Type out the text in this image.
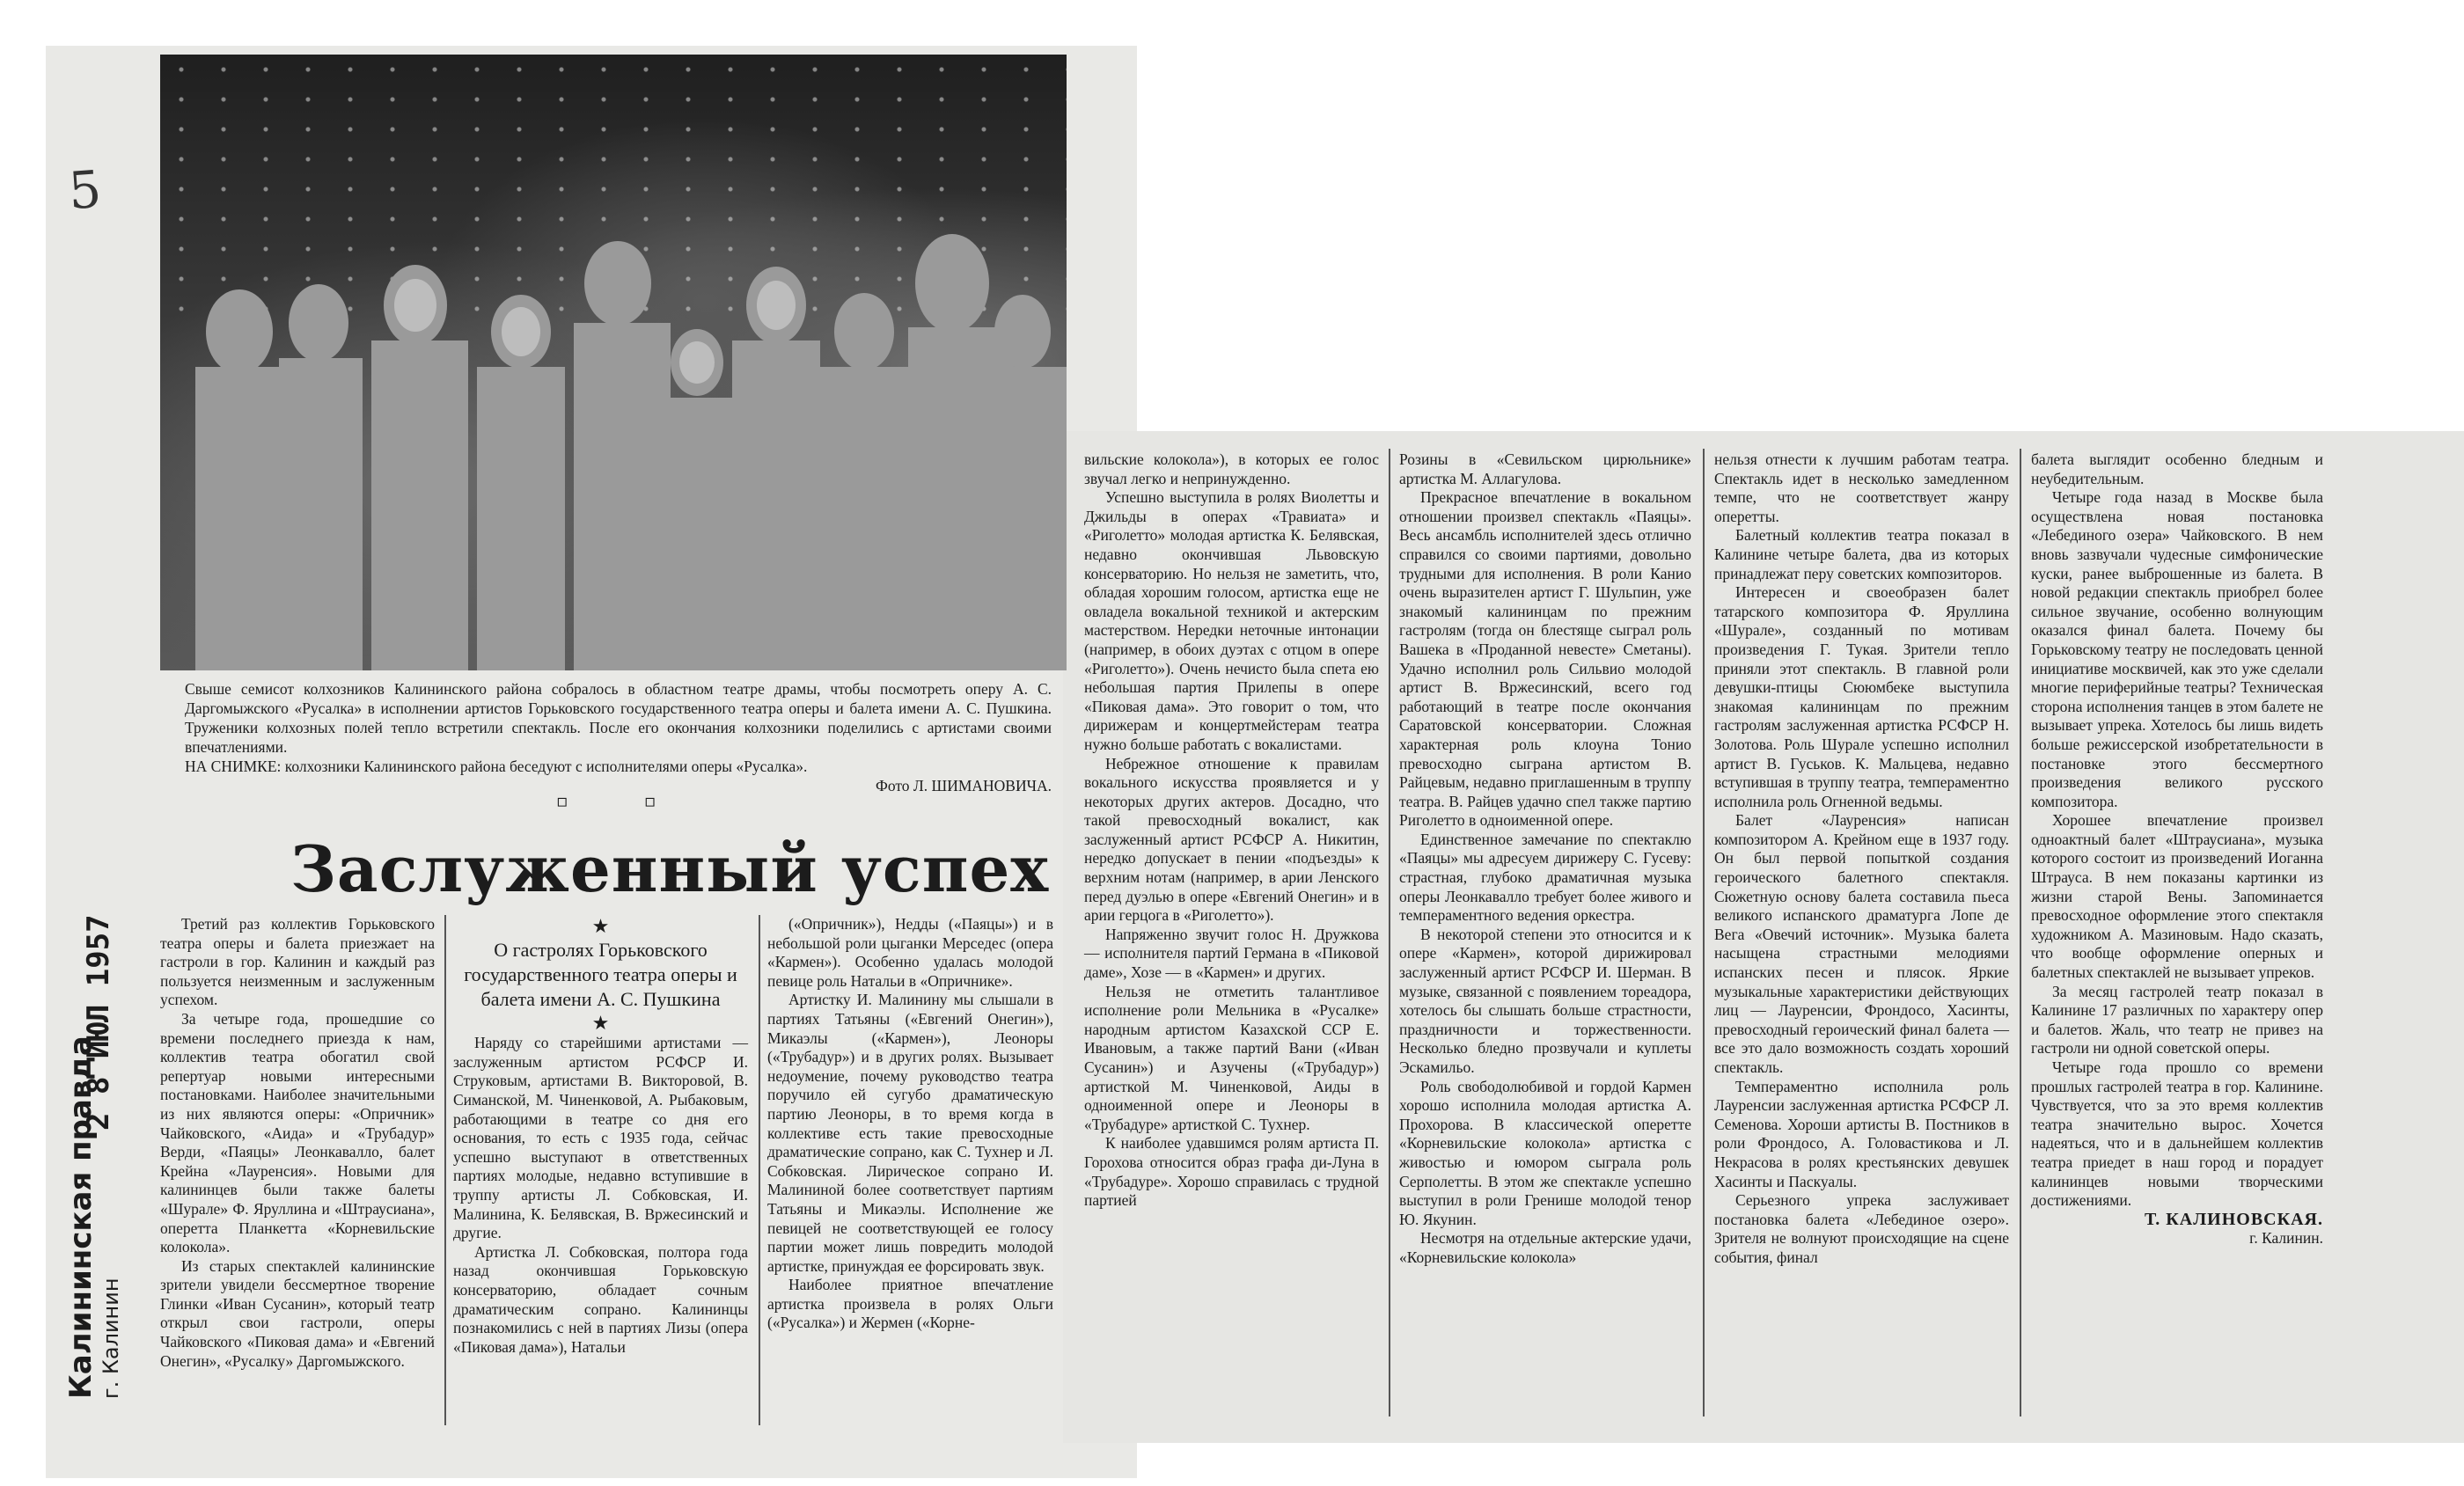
5
Свыше семисот колхозников Калининского района собралось в областном театре драмы, чтобы посмотреть оперу А. С. Даргомыжского «Русалка» в исполнении артистов Горьковского государственного театра оперы и балета имени А. С. Пушкина. Труженики колхозных полей тепло встретили спектакль. После его окончания колхозники поделились с артистами своими впечатлениями.
НА СНИМКЕ: колхозники Калининского района беседуют с исполнителями оперы «Русалка».
Фото Л. ШИМАНОВИЧА.
▫ ▫
Заслуженный успех
2 8 ИЮЛ 1957
Калининская правда г. Калинин

Третий раз коллектив Горьковского театра оперы и балета приезжает на гастроли в гор. Калинин и каждый раз пользуется неизменным и заслуженным успехом.

За четыре года, прошедшие со времени последнего приезда к нам, коллектив театра обогатил свой репертуар новыми интересными постановками. Наиболее значительными из них являются оперы: «Опричник» Чайковского, «Аида» и «Трубадур» Верди, «Паяцы» Леонкавалло, балет Крейна «Лауренсия». Новыми для калининцев были также балеты «Шурале» Ф. Яруллина и «Штраусиана», оперетта Планкетта «Корневильские колокола».

Из старых спектаклей калининские зрители увидели бессмертное творение Глинки «Иван Сусанин», который театр открыл свои гастроли, оперы Чайковского «Пиковая дама» и «Евгений Онегин», «Русалку» Даргомыжского.

★
О гастролях Горьковского государственного театра оперы и балета имени А. С. Пушкина
★

Наряду со старейшими артистами — заслуженным артистом РСФСР И. Струковым, артистами В. Викторовой, В. Симанской, М. Чиненковой, А. Рыбаковым, работающими в театре со дня его основания, то есть с 1935 года, сейчас успешно выступают в ответственных партиях молодые, недавно вступившие в труппу артисты Л. Собковская, И. Малинина, К. Белявская, В. Вржесинский и другие.

Артистка Л. Собковская, полтора года назад окончившая Горьковскую консерваторию, обладает сочным драматическим сопрано. Калининцы познакомились с ней в партиях Лизы (опера «Пиковая дама»), Натальи

(«Опричник»), Недды («Паяцы») и в небольшой роли цыганки Мерседес (опера «Кармен»). Особенно удалась молодой певице роль Натальи в «Опричнике».

Артистку И. Малинину мы слышали в партиях Татьяны («Евгений Онегин»), Микаэлы («Кармен»), Леоноры («Трубадур») и в других ролях. Вызывает недоумение, почему руководство театра поручило ей сугубо драматическую партию Леоноры, в то время когда в коллективе есть такие превосходные драматические сопрано, как С. Тухнер и Л. Собковская. Лирическое сопрано И. Малининой более соответствует партиям Татьяны и Микаэлы. Исполнение же певицей не соответствующей ее голосу партии может лишь повредить молодой артистке, принуждая ее форсировать звук.

Наиболее приятное впечатление артистка произвела в ролях Ольги («Русалка») и Жермен («Корне-

вильские колокола»), в которых ее голос звучал легко и непринужденно.

Успешно выступила в ролях Виолетты и Джильды в операх «Травиата» и «Риголетто» молодая артистка К. Белявская, недавно окончившая Львовскую консерваторию. Но нельзя не заметить, что, обладая хорошим голосом, артистка еще не овладела вокальной техникой и актерским мастерством. Нередки неточные интонации (например, в обоих дуэтах с отцом в опере «Риголетто»). Очень нечисто была спета ею небольшая партия Прилепы в опере «Пиковая дама». Это говорит о том, что дирижерам и концертмейстерам театра нужно больше работать с вокалистами.

Небрежное отношение к правилам вокального искусства проявляется и у некоторых других актеров. Досадно, что такой превосходный вокалист, как заслуженный артист РСФСР А. Никитин, нередко допускает в пении «подъезды» к верхним нотам (например, в арии Ленского перед дуэлью в опере «Евгений Онегин» и в арии герцога в «Риголетто»).

Напряженно звучит голос Н. Дружкова — исполнителя партий Германа в «Пиковой даме», Хозе — в «Кармен» и других.

Нельзя не отметить талантливое исполнение роли Мельника в «Русалке» народным артистом Казахской ССР Е. Ивановым, а также партий Вани («Иван Сусанин») и Азучены («Трубадур») артисткой М. Чиненковой, Аиды в одноименной опере и Леоноры в «Трубадуре» артисткой С. Тухнер.

К наиболее удавшимся ролям артиста П. Горохова относится образ графа ди-Луна в «Трубадуре». Хорошо справилась с трудной партией

Розины в «Севильском цирюльнике» артистка М. Аллагулова.

Прекрасное впечатление в вокальном отношении произвел спектакль «Паяцы». Весь ансамбль исполнителей здесь отлично справился со своими партиями, довольно трудными для исполнения. В роли Канио очень выразителен артист Г. Шульпин, уже знакомый калининцам по прежним гастролям (тогда он блестяще сыграл роль Вашека в «Проданной невесте» Сметаны). Удачно исполнил роль Сильвио молодой артист В. Вржесинский, всего год работающий в театре после окончания Саратовской консерватории. Сложная характерная роль клоуна Тонио превосходно сыграна артистом В. Райцевым, недавно приглашенным в труппу театра. В. Райцев удачно спел также партию Риголетто в одноименной опере.

Единственное замечание по спектаклю «Паяцы» мы адресуем дирижеру С. Гусеву: страстная, глубоко драматичная музыка оперы Леонкавалло требует более живого и темпераментного ведения оркестра.

В некоторой степени это относится и к опере «Кармен», которой дирижировал заслуженный артист РСФСР И. Шерман. В музыке, связанной с появлением тореадора, хотелось бы слышать больше страстности, праздничности и торжественности. Несколько бледно прозвучали и куплеты Эскамильо.

Роль свободолюбивой и гордой Кармен хорошо исполнила молодая артистка А. Прохорова. В классической оперетте «Корневильские колокола» артистка с живостью и юмором сыграла роль Серполетты. В этом же спектакле успешно выступил в роли Гренише молодой тенор Ю. Якунин.

Несмотря на отдельные актерские удачи, «Корневильские колокола»

нельзя отнести к лучшим работам театра. Спектакль идет в несколько замедленном темпе, что не соответствует жанру оперетты.

Балетный коллектив театра показал в Калинине четыре балета, два из которых принадлежат перу советских композиторов.

Интересен и своеобразен балет татарского композитора Ф. Яруллина «Шурале», созданный по мотивам произведения Г. Тукая. Зрители тепло приняли этот спектакль. В главной роли девушки-птицы Сююмбеке выступила знакомая калининцам по прежним гастролям заслуженная артистка РСФСР Н. Золотова. Роль Шурале успешно исполнил артист В. Гуськов. К. Мальцева, недавно вступившая в труппу театра, темпераментно исполнила роль Огненной ведьмы.

Балет «Лауренсия» написан композитором А. Крейном еще в 1937 году. Он был первой попыткой создания героического балетного спектакля. Сюжетную основу балета составила пьеса великого испанского драматурга Лопе де Вега «Овечий источник». Музыка балета насыщена страстными мелодиями испанских песен и плясок. Яркие музыкальные характеристики действующих лиц — Лауренсии, Фрондосо, Хасинты, превосходный героический финал балета — все это дало возможность создать хороший спектакль.

Темпераментно исполнила роль Лауренсии заслуженная артистка РСФСР Л. Семенова. Хороши артисты В. Постников в роли Фрондосо, А. Головастикова и Л. Некрасова в ролях крестьянских девушек Хасинты и Паскуалы.

Серьезного упрека заслуживает постановка балета «Лебединое озеро». Зрителя не волнуют происходящие на сцене события, финал

балета выглядит особенно бледным и неубедительным.

Четыре года назад в Москве была осуществлена новая постановка «Лебединого озера» Чайковского. В нем вновь зазвучали чудесные симфонические куски, ранее выброшенные из балета. В новой редакции спектакль приобрел более сильное звучание, особенно волнующим оказался финал балета. Почему бы Горьковскому театру не последовать ценной инициативе москвичей, как это уже сделали многие периферийные театры? Техническая сторона исполнения танцев в этом балете не вызывает упрека. Хотелось бы лишь видеть больше режиссерской изобретательности в постановке этого бессмертного произведения великого русского композитора.

Хорошее впечатление произвел одноактный балет «Штраусиана», музыка которого состоит из произведений Иоганна Штрауса. В нем показаны картинки из жизни старой Вены. Запоминается превосходное оформление этого спектакля художником А. Мазиновым. Надо сказать, что вообще оформление оперных и балетных спектаклей не вызывает упреков.

За месяц гастролей театр показал в Калинине 17 различных по характеру опер и балетов. Жаль, что театр не привез на гастроли ни одной советской оперы.

Четыре года прошло со времени прошлых гастролей театра в гор. Калинине. Чувствуется, что за это время коллектив театра значительно вырос. Хочется надеяться, что и в дальнейшем коллектив театра приедет в наш город и порадует калининцев новыми творческими достижениями.

Т. КАЛИНОВСКАЯ.

г. Калинин.
